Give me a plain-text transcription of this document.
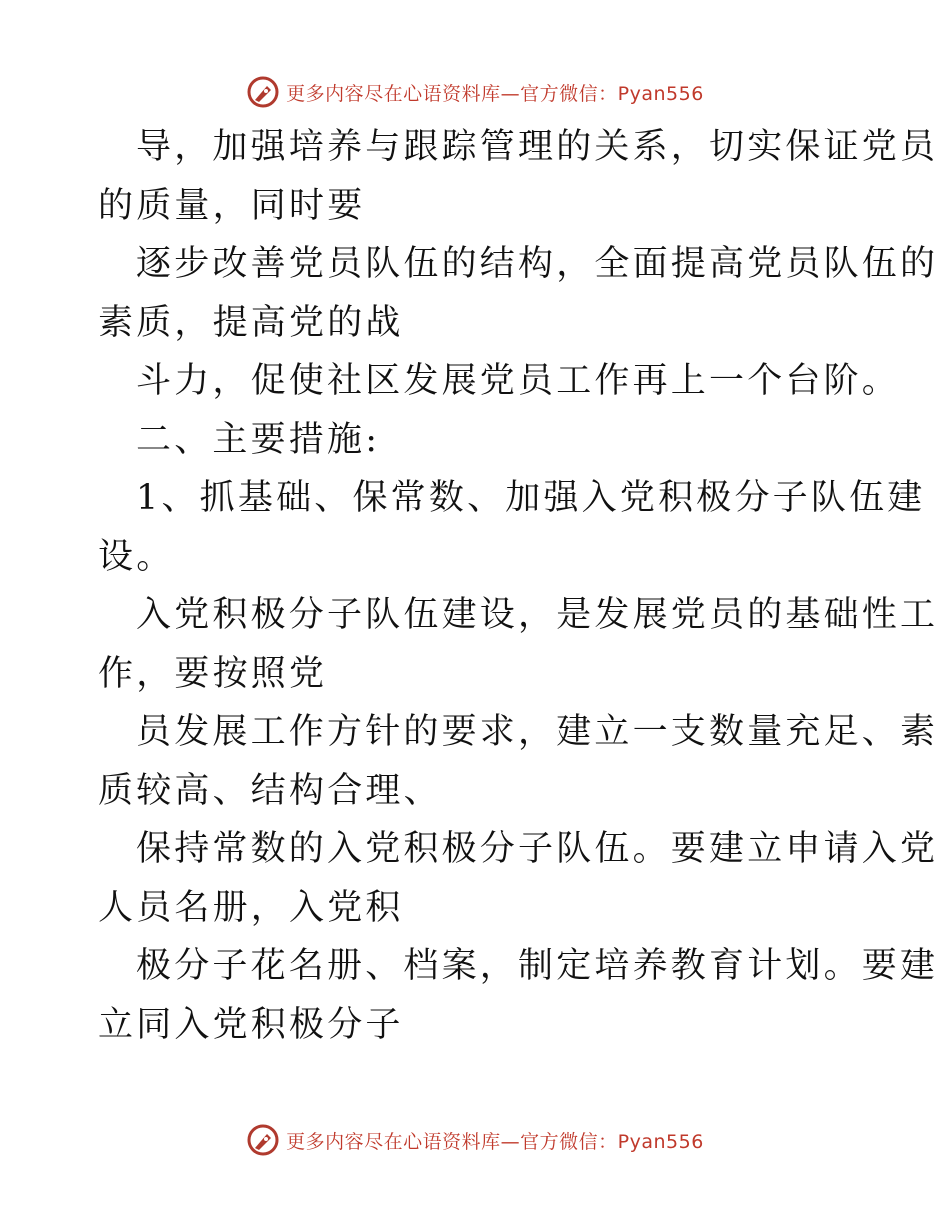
更多内容尽在心语资料库—官方微信：Pyan556

导，加强培养与跟踪管理的关系，切实保证党员
的质量，同时要

逐步改善党员队伍的结构，全面提高党员队伍的
素质，提高党的战

斗力，促使社区发展党员工作再上一个台阶。

二、主要措施:

1、抓基础、保常数、加强入党积极分子队伍建
设。

入党积极分子队伍建设，是发展党员的基础性工
作，要按照党

员发展工作方针的要求，建立一支数量充足、素
质较高、结构合理、

保持常数的入党积极分子队伍。要建立申请入党
人员名册，入党积

极分子花名册、档案，制定培养教育计划。要建
立同入党积极分子

更多内容尽在心语资料库—官方微信：Pyan556
